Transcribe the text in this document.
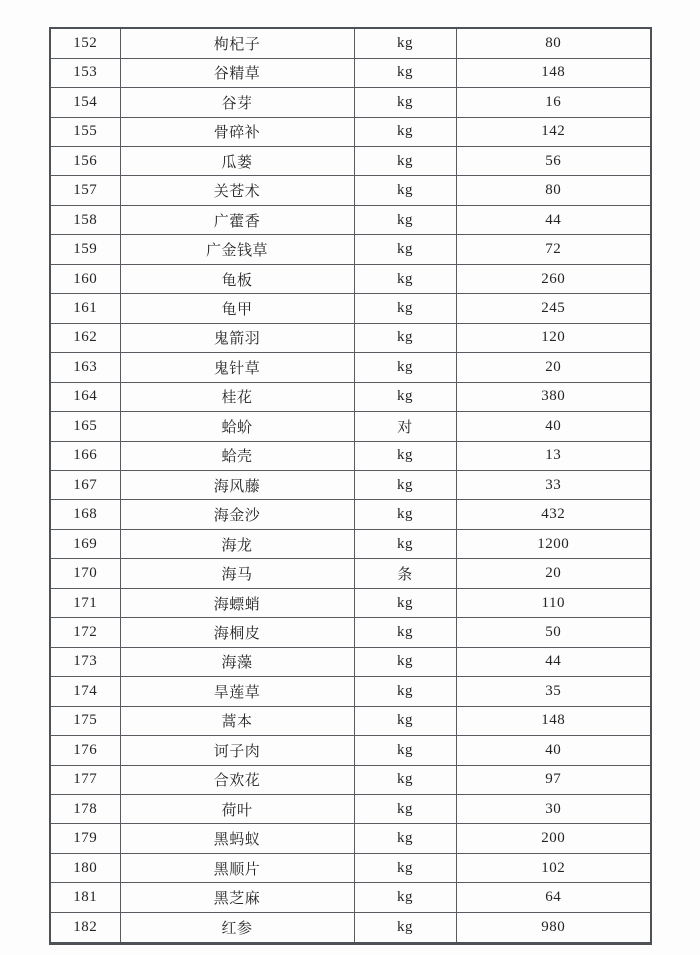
152	枸杞子	kg	80
153	谷精草	kg	148
154	谷芽	kg	16
155	骨碎补	kg	142
156	瓜蒌	kg	56
157	关苍术	kg	80
158	广藿香	kg	44
159	广金钱草	kg	72
160	龟板	kg	260
161	龟甲	kg	245
162	鬼箭羽	kg	120
163	鬼针草	kg	20
164	桂花	kg	380
165	蛤蚧	对	40
166	蛤壳	kg	13
167	海风藤	kg	33
168	海金沙	kg	432
169	海龙	kg	1200
170	海马	条	20
171	海螵蛸	kg	110
172	海桐皮	kg	50
173	海藻	kg	44
174	旱莲草	kg	35
175	蒿本	kg	148
176	诃子肉	kg	40
177	合欢花	kg	97
178	荷叶	kg	30
179	黑蚂蚁	kg	200
180	黑顺片	kg	102
181	黑芝麻	kg	64
182	红参	kg	980
